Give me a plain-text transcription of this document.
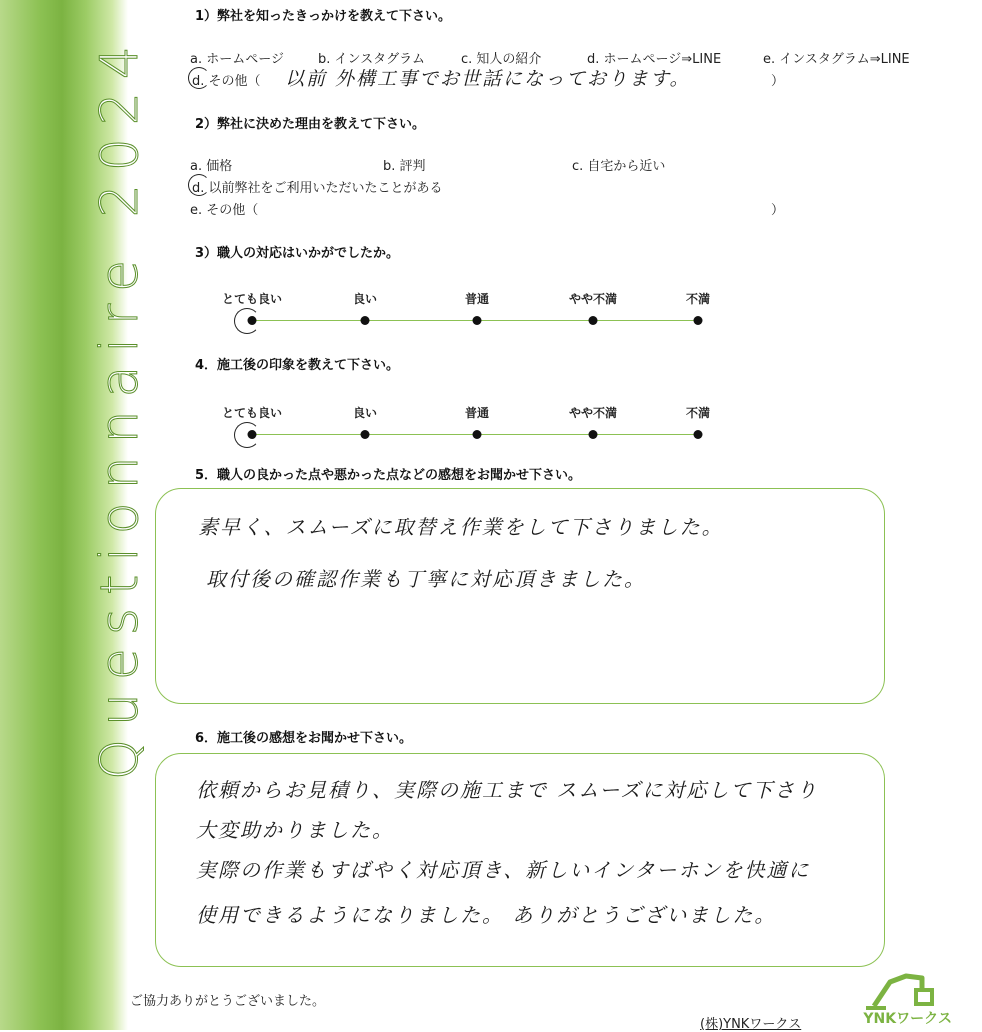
Questionnaire 2024
1）弊社を知ったきっかけを教えて下さい。
a. ホームページ	b. インスタグラム	c. 知人の紹介	d. ホームページ⇒LINE	e. インスタグラム⇒LINE
d. その他（ 以前 外構工事でお世話になっております。	）
2）弊社に決めた理由を教えて下さい。
a. 価格	b. 評判	c. 自宅から近い
d. 以前弊社をご利用いただいたことがある
e. その他（	）
3）職人の対応はいかがでしたか。
とても良い	良い	普通	やや不満	不満
4．施工後の印象を教えて下さい。
とても良い	良い	普通	やや不満	不満
5．職人の良かった点や悪かった点などの感想をお聞かせ下さい。
素早く、スムーズに取替え作業をして下さりました。
取付後の確認作業も丁寧に対応頂きました。
6．施工後の感想をお聞かせ下さい。
依頼からお見積り、実際の施工まで スムーズに対応して下さり
大変助かりました。
実際の作業もすばやく対応頂き、新しいインターホンを快適に
使用できるようになりました。 ありがとうございました。
ご協力ありがとうございました。
(株)YNKワークス	YNKワークス
